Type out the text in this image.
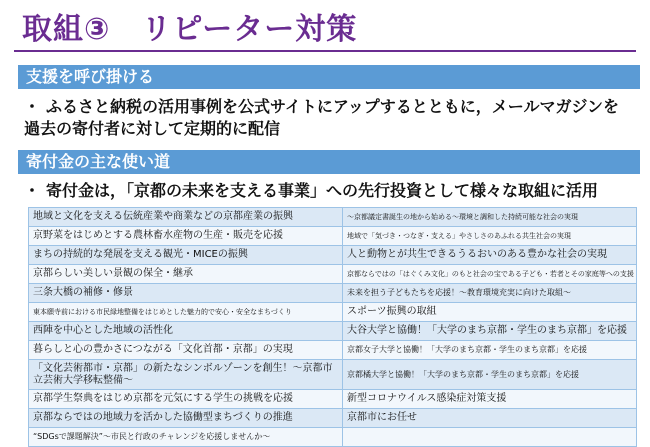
取組③　リピーター対策
支援を呼び掛ける
・ ふるさと納税の活用事例を公式サイトにアップするとともに，メールマガジンを
過去の寄付者に対して定期的に配信
寄付金の主な使い道
・ 寄付金は，「京都の未来を支える事業」への先行投資として様々な取組に活用
地域と文化を支える伝統産業や商業などの京都産業の振興	～京都議定書誕生の地から始める～環境と調和した持続可能な社会の実現
京野菜をはじめとする農林畜水産物の生産・販売を応援	地域で「気づき・つなぎ・支える」やさしさのあふれる共生社会の実現
まちの持続的な発展を支える観光・MICEの振興	人と動物とが共生できるうるおいのある豊かな社会の実現
京都らしい美しい景観の保全・継承	京都ならではの「はぐくみ文化」のもと社会の宝である子ども・若者とその家庭等への支援
三条大橋の補修・修景	未来を担う子どもたちを応援！～教育環境充実に向けた取組～
東本願寺前における市民緑地整備をはじめとした魅力的で安心・安全なまちづくり	スポーツ振興の取組
西陣を中心とした地域の活性化	大谷大学と協働！「大学のまち京都・学生のまち京都」を応援
暮らしと心の豊かさにつながる「文化首都・京都」の実現	京都女子大学と協働！「大学のまち京都・学生のまち京都」を応援
「文化芸術都市・京都」の新たなシンボルゾーンを創生！～京都市立芸術大学移転整備～	京都橘大学と協働！「大学のまち京都・学生のまち京都」を応援
京都学生祭典をはじめ京都を元気にする学生の挑戦を応援	新型コロナウイルス感染症対策支援
京都ならではの地域力を活かした協働型まちづくりの推進	京都市にお任せ
“SDGsで課題解決”～市民と行政のチャレンジを応援しませんか～	
